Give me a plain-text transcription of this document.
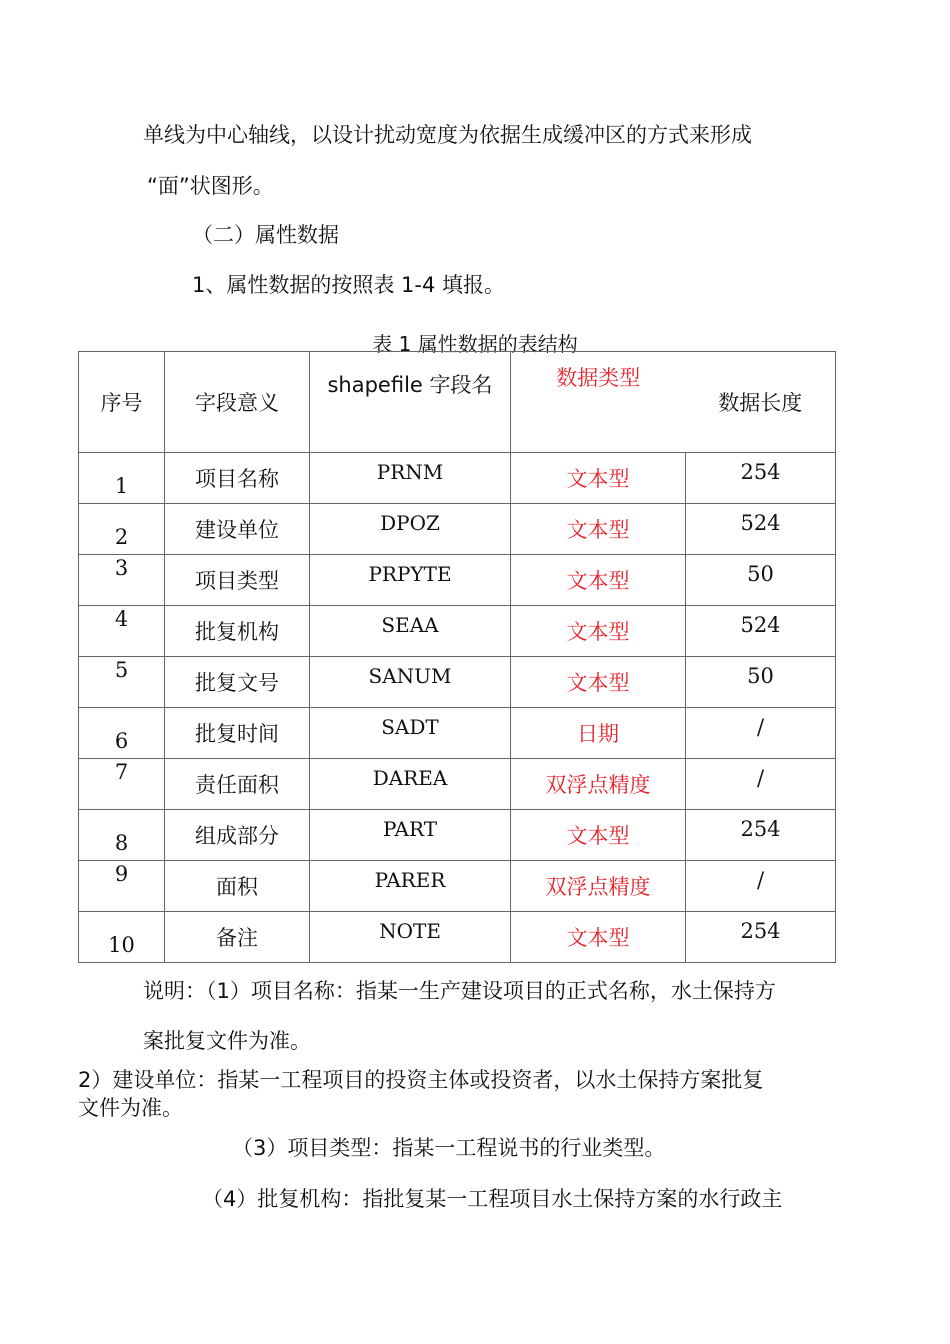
单线为中心轴线，以设计扰动宽度为依据生成缓冲区的方式来形成
“面”状图形。
（二）属性数据
1、属性数据的按照表 1-4 填报。
表 1 属性数据的表结构
序号	字段意义	shapefile 字段名	数据类型	数据长度
1	项目名称	PRNM	文本型	254
2	建设单位	DPOZ	文本型	524
3	项目类型	PRPYTE	文本型	50
4	批复机构	SEAA	文本型	524
5	批复文号	SANUM	文本型	50
6	批复时间	SADT	日期	/
7	责任面积	DAREA	双浮点精度	/
8	组成部分	PART	文本型	254
9	面积	PARER	双浮点精度	/
10	备注	NOTE	文本型	254
说明：（1）项目名称：指某一生产建设项目的正式名称，水土保持方
案批复文件为准。
2）建设单位：指某一工程项目的投资主体或投资者，以水土保持方案批复
文件为准。
（3）项目类型：指某一工程说书的行业类型。
（4）批复机构：指批复某一工程项目水土保持方案的水行政主
